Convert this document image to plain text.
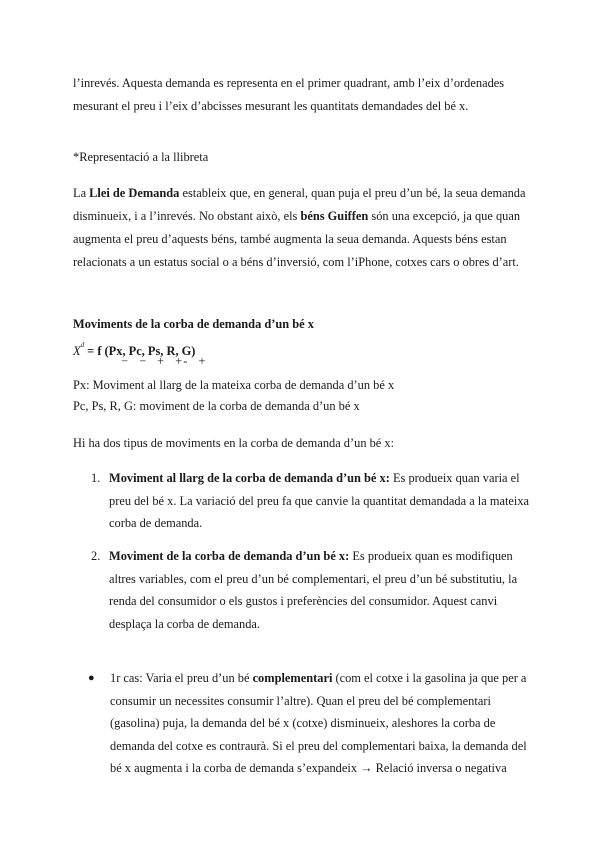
l’inrevés. Aquesta demanda es representa en el primer quadrant, amb l’eix d’ordenades mesurant el preu i l’eix d’abcisses mesurant les quantitats demandades del bé x.

*Representació a la llibreta

La Llei de Demanda estableix que, en general, quan puja el preu d’un bé, la seua demanda disminueix, i a l’inrevés. No obstant això, els béns Guiffen són una excepció, ja que quan augmenta el preu d’aquests béns, també augmenta la seua demanda. Aquests béns estan relacionats a un estatus social o a béns d’inversió, com l’iPhone, cotxes cars o obres d’art.

Moviments de la corba de demanda d’un bé x

$X^d = f$ (Px, Pc, Ps, R, G)
− − + +- +

Px: Moviment al llarg de la mateixa corba de demanda d’un bé x

Pc, Ps, R, G: moviment de la corba de demanda d’un bé x

Hi ha dos tipus de moviments en la corba de demanda d’un bé x:

1. Moviment al llarg de la corba de demanda d’un bé x: Es produeix quan varia el preu del bé x. La variació del preu fa que canvie la quantitat demandada a la mateixa corba de demanda.
2. Moviment de la corba de demanda d’un bé x: Es produeix quan es modifiquen altres variables, com el preu d’un bé complementari, el preu d’un bé substitutiu, la renda del consumidor o els gustos i preferències del consumidor. Aquest canvi desplaça la corba de demanda.
● 1r cas: Varia el preu d’un bé complementari (com el cotxe i la gasolina ja que per a consumir un necessites consumir l’altre). Quan el preu del bé complementari (gasolina) puja, la demanda del bé x (cotxe) disminueix, aleshores la corba de demanda del cotxe es contraurà. Si el preu del complementari baixa, la demanda del bé x augmenta i la corba de demanda s’expandeix → Relació inversa o negativa
